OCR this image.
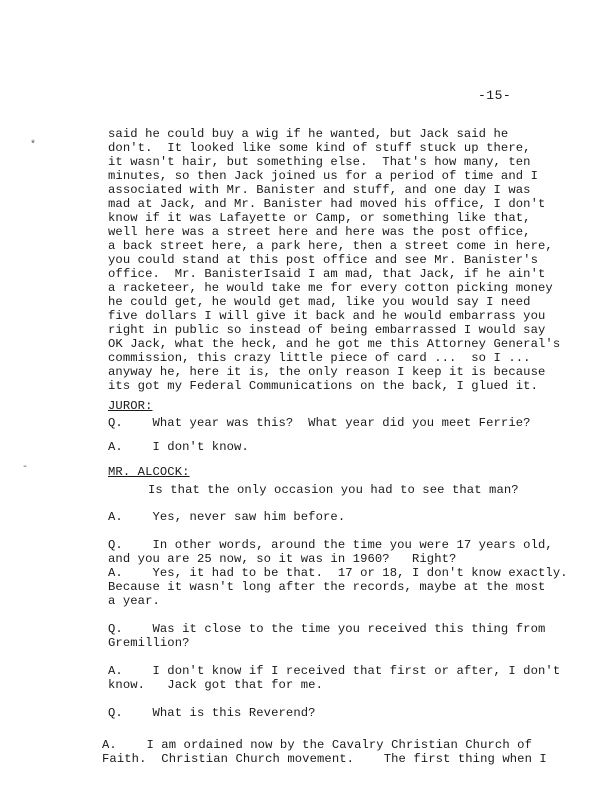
-15-
*
said he could buy a wig if he wanted, but Jack said he
don't.  It looked like some kind of stuff stuck up there,
it wasn't hair, but something else.  That's how many, ten
minutes, so then Jack joined us for a period of time and I
associated with Mr. Banister and stuff, and one day I was
mad at Jack, and Mr. Banister had moved his office, I don't
know if it was Lafayette or Camp, or something like that,
well here was a street here and here was the post office,
a back street here, a park here, then a street come in here,
you could stand at this post office and see Mr. Banister's
office.  Mr. BanisterIsaid I am mad, that Jack, if he ain't
a racketeer, he would take me for every cotton picking money
he could get, he would get mad, like you would say I need
five dollars I will give it back and he would embarrass you
right in public so instead of being embarrassed I would say
OK Jack, what the heck, and he got me this Attorney General's
commission, this crazy little piece of card ...  so I ...
anyway he, here it is, the only reason I keep it is because
its got my Federal Communications on the back, I glued it.
JUROR:
Q.    What year was this?  What year did you meet Ferrie?
A.    I don't know.
-	MR. ALCOCK:
Is that the only occasion you had to see that man?
A.    Yes, never saw him before.
Q.    In other words, around the time you were 17 years old,
and you are 25 now, so it was in 1960?   Right?
A.    Yes, it had to be that.  17 or 18, I don't know exactly.
Because it wasn't long after the records, maybe at the most
a year.
Q.    Was it close to the time you received this thing from
Gremillion?
A.    I don't know if I received that first or after, I don't
know.   Jack got that for me.
Q.    What is this Reverend?
A.    I am ordained now by the Cavalry Christian Church of
Faith.  Christian Church movement.    The first thing when I
